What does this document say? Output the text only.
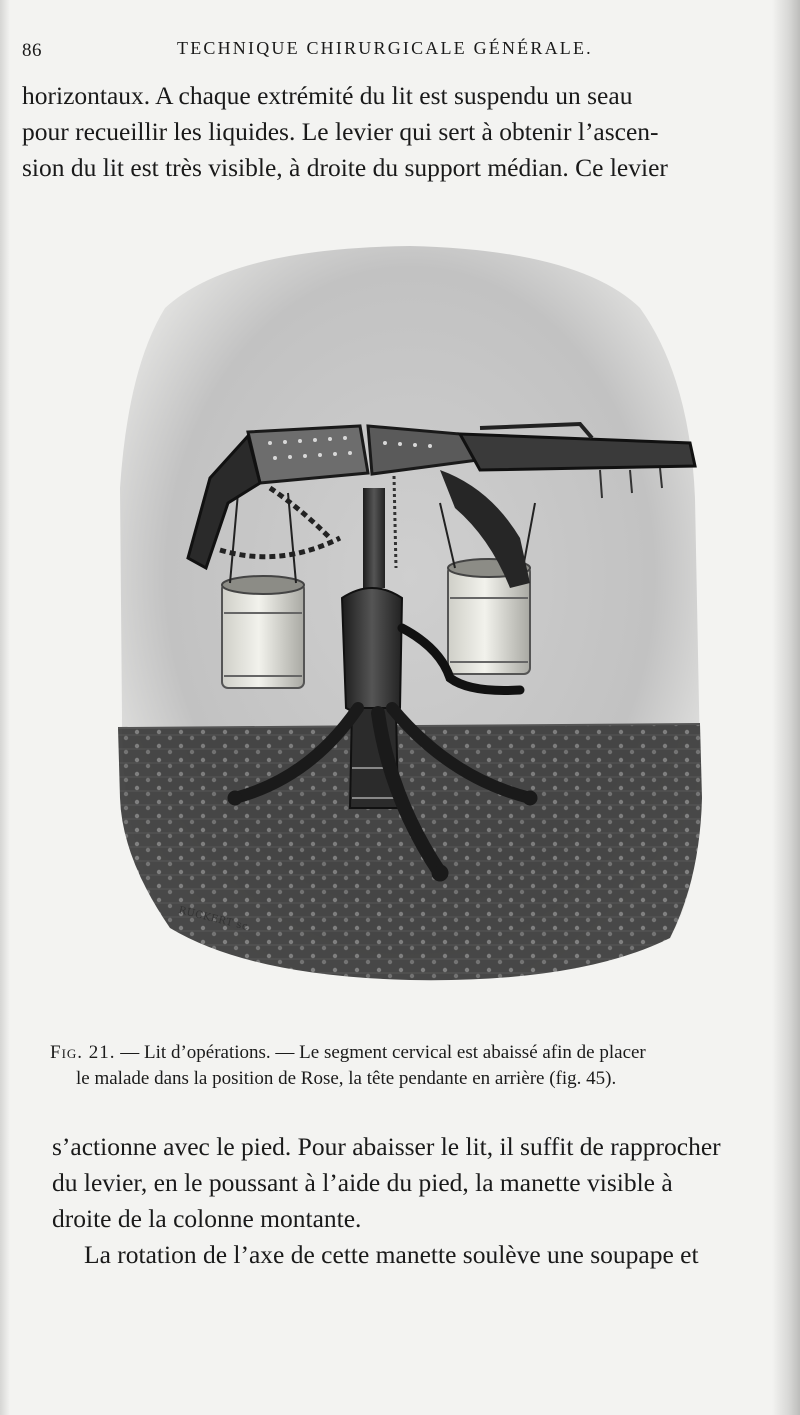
86	TECHNIQUE CHIRURGICALE GÉNÉRALE.

horizontaux. A chaque extrémité du lit est suspendu un seau
pour recueillir les liquides. Le levier qui sert à obtenir l’ascen-
sion du lit est très visible, à droite du support médian. Ce levier

RUCKERT sc.
Fig. 21. — Lit d’opérations. — Le segment cervical est abaissé afin de placer
le malade dans la position de Rose, la tête pendante en arrière (fig. 45).

s’actionne avec le pied. Pour abaisser le lit, il suffit de rapprocher
du levier, en le poussant à l’aide du pied, la manette visible à
droite de la colonne montante.

La rotation de l’axe de cette manette soulève une soupape et
